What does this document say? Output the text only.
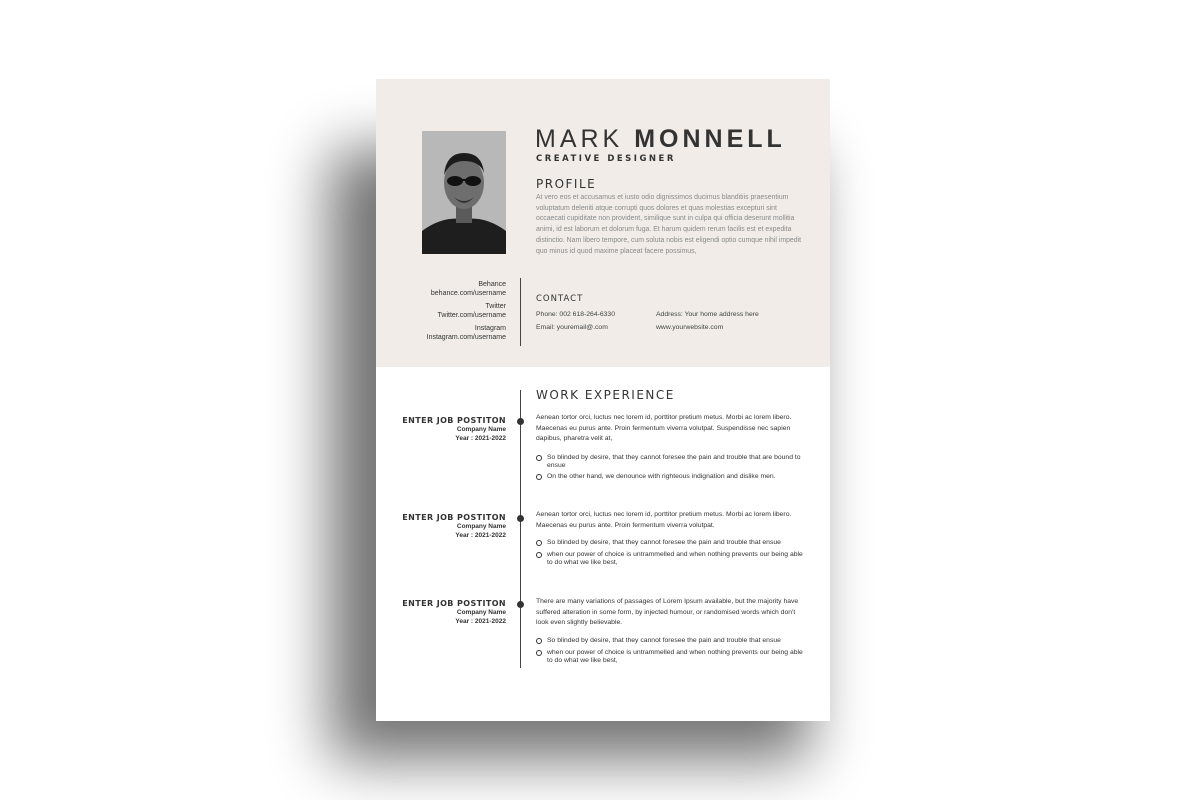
MARK MONNELL
CREATIVE DESIGNER
PROFILE
At vero eos et accusamus et iusto odio dignissimos ducimus blanditiis praesentium voluptatum deleniti atque corrupti quos dolores et quas molestias excepturi sint occaecati cupiditate non provident, similique sunt in culpa qui officia deserunt mollitia animi, id est laborum et dolorum fuga. Et harum quidem rerum facilis est et expedita distinctio. Nam libero tempore, cum soluta nobis est eligendi optio cumque nihil impedit quo minus id quod maxime placeat facere possimus,
Behance
behance.com/username
Twitter
Twitter.com/username
Instagram
Instagram.com/username
CONTACT
Phone: 002 618-264-6330
Email: youremail@.com
Address: Your home address here
www.yourwebsite.com
WORK EXPERIENCE
ENTER JOB POSTITON
Company Name
Year : 2021-2022
Aenean tortor orci, luctus nec lorem id, porttitor pretium metus. Morbi ac lorem libero. Maecenas eu purus ante. Proin fermentum viverra volutpat. Suspendisse nec sapien dapibus, pharetra velit at,
So blinded by desire, that they cannot foresee the pain and trouble that are bound to ensue
On the other hand, we denounce with righteous indignation and dislike men.
ENTER JOB POSTITON
Company Name
Year : 2021-2022
Aenean tortor orci, luctus nec lorem id, porttitor pretium metus. Morbi ac lorem libero. Maecenas eu purus ante. Proin fermentum viverra volutpat.
So blinded by desire, that they cannot foresee the pain and trouble that ensue
when our power of choice is untrammelled and when nothing prevents our being able to do what we like best,
ENTER JOB POSTITON
Company Name
Year : 2021-2022
There are many variations of passages of Lorem Ipsum available, but the majority have suffered alteration in some form, by injected humour, or randomised words which don't look even slightly believable.
So blinded by desire, that they cannot foresee the pain and trouble that ensue
when our power of choice is untrammelled and when nothing prevents our being able to do what we like best,
